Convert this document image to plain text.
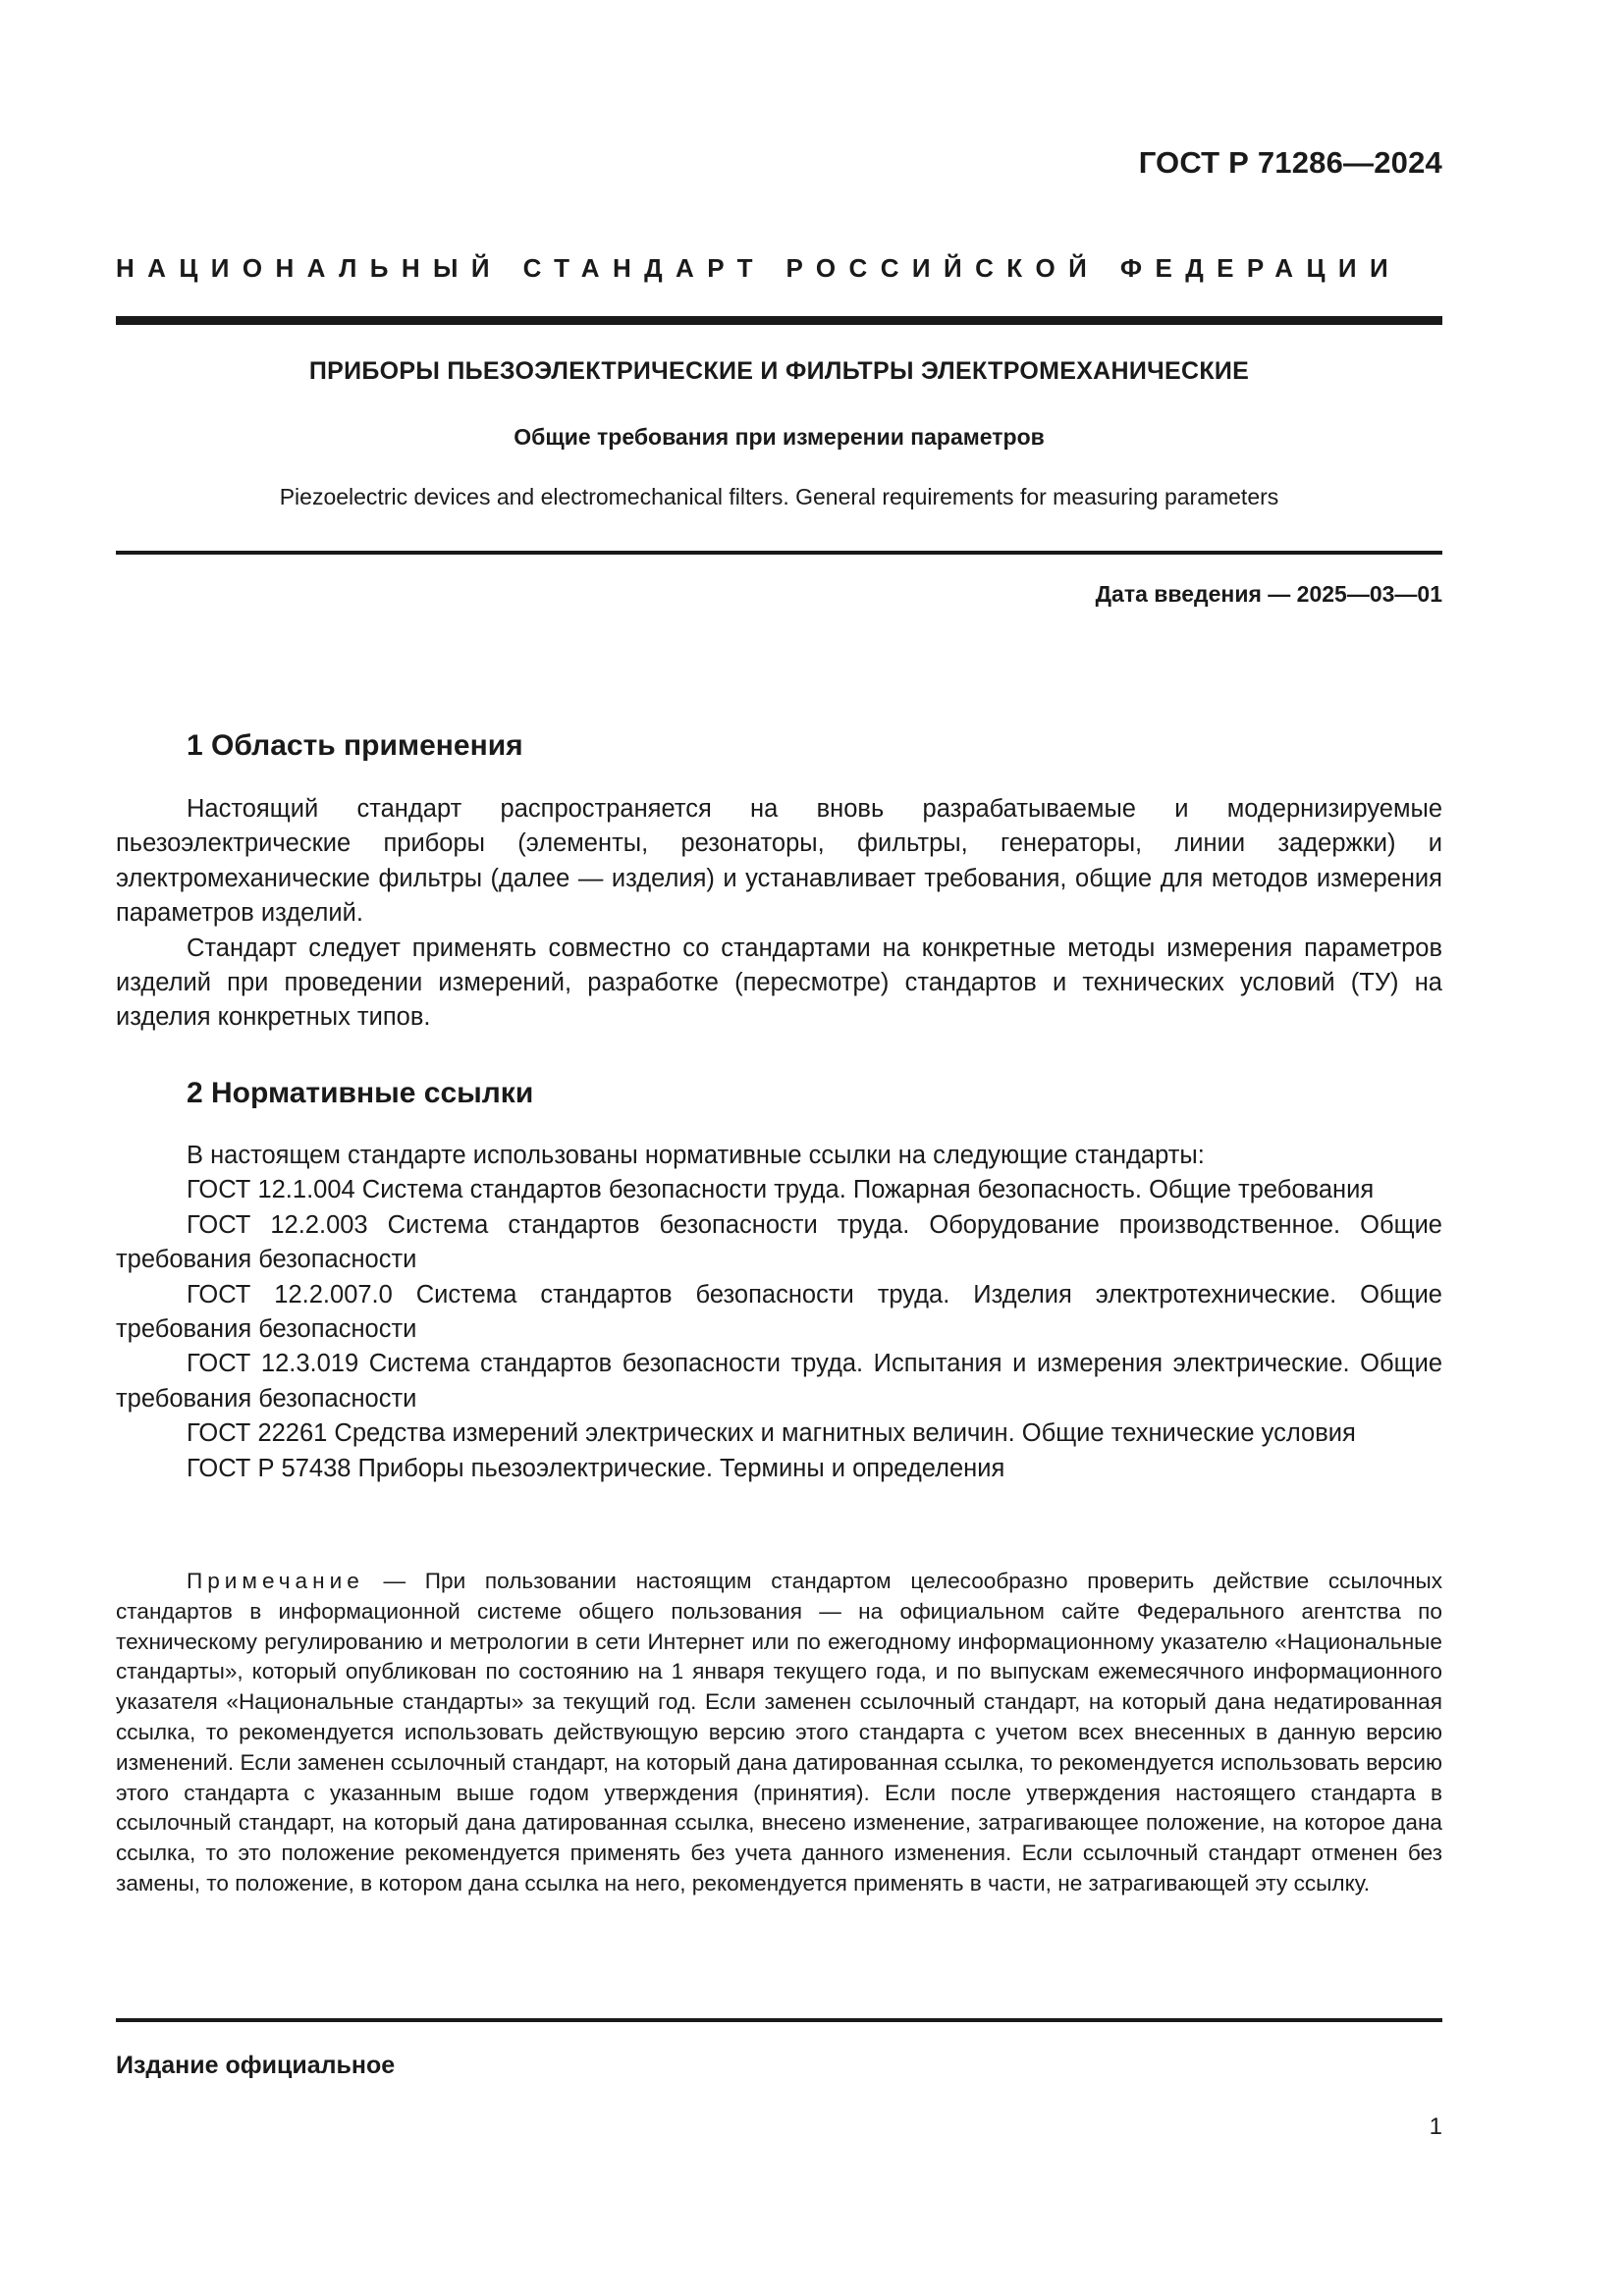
ГОСТ Р 71286—2024
НАЦИОНАЛЬНЫЙ СТАНДАРТ РОССИЙСКОЙ ФЕДЕРАЦИИ
ПРИБОРЫ ПЬЕЗОЭЛЕКТРИЧЕСКИЕ И ФИЛЬТРЫ ЭЛЕКТРОМЕХАНИЧЕСКИЕ
Общие требования при измерении параметров
Piezoelectric devices and electromechanical filters. General requirements for measuring parameters
Дата введения — 2025—03—01
1 Область применения

Настоящий стандарт распространяется на вновь разрабатываемые и модернизируемые пьезоэлектрические приборы (элементы, резонаторы, фильтры, генераторы, линии задержки) и электромеханические фильтры (далее — изделия) и устанавливает требования, общие для методов измерения параметров изделий.

Стандарт следует применять совместно со стандартами на конкретные методы измерения параметров изделий при проведении измерений, разработке (пересмотре) стандартов и технических условий (ТУ) на изделия конкретных типов.

2 Нормативные ссылки

В настоящем стандарте использованы нормативные ссылки на следующие стандарты:

ГОСТ 12.1.004 Система стандартов безопасности труда. Пожарная безопасность. Общие требования

ГОСТ 12.2.003 Система стандартов безопасности труда. Оборудование производственное. Общие требования безопасности

ГОСТ 12.2.007.0 Система стандартов безопасности труда. Изделия электротехнические. Общие требования безопасности

ГОСТ 12.3.019 Система стандартов безопасности труда. Испытания и измерения электрические. Общие требования безопасности

ГОСТ 22261 Средства измерений электрических и магнитных величин. Общие технические условия

ГОСТ Р 57438 Приборы пьезоэлектрические. Термины и определения

Примечание — При пользовании настоящим стандартом целесообразно проверить действие ссылочных стандартов в информационной системе общего пользования — на официальном сайте Федерального агентства по техническому регулированию и метрологии в сети Интернет или по ежегодному информационному указателю «Национальные стандарты», который опубликован по состоянию на 1 января текущего года, и по выпускам ежемесячного информационного указателя «Национальные стандарты» за текущий год. Если заменен ссылочный стандарт, на который дана недатированная ссылка, то рекомендуется использовать действующую версию этого стандарта с учетом всех внесенных в данную версию изменений. Если заменен ссылочный стандарт, на который дана датированная ссылка, то рекомендуется использовать версию этого стандарта с указанным выше годом утверждения (принятия). Если после утверждения настоящего стандарта в ссылочный стандарт, на который дана датированная ссылка, внесено изменение, затрагивающее положение, на которое дана ссылка, то это положение рекомендуется применять без учета данного изменения. Если ссылочный стандарт отменен без замены, то положение, в котором дана ссылка на него, рекомендуется применять в части, не затрагивающей эту ссылку.

Издание официальное
1
